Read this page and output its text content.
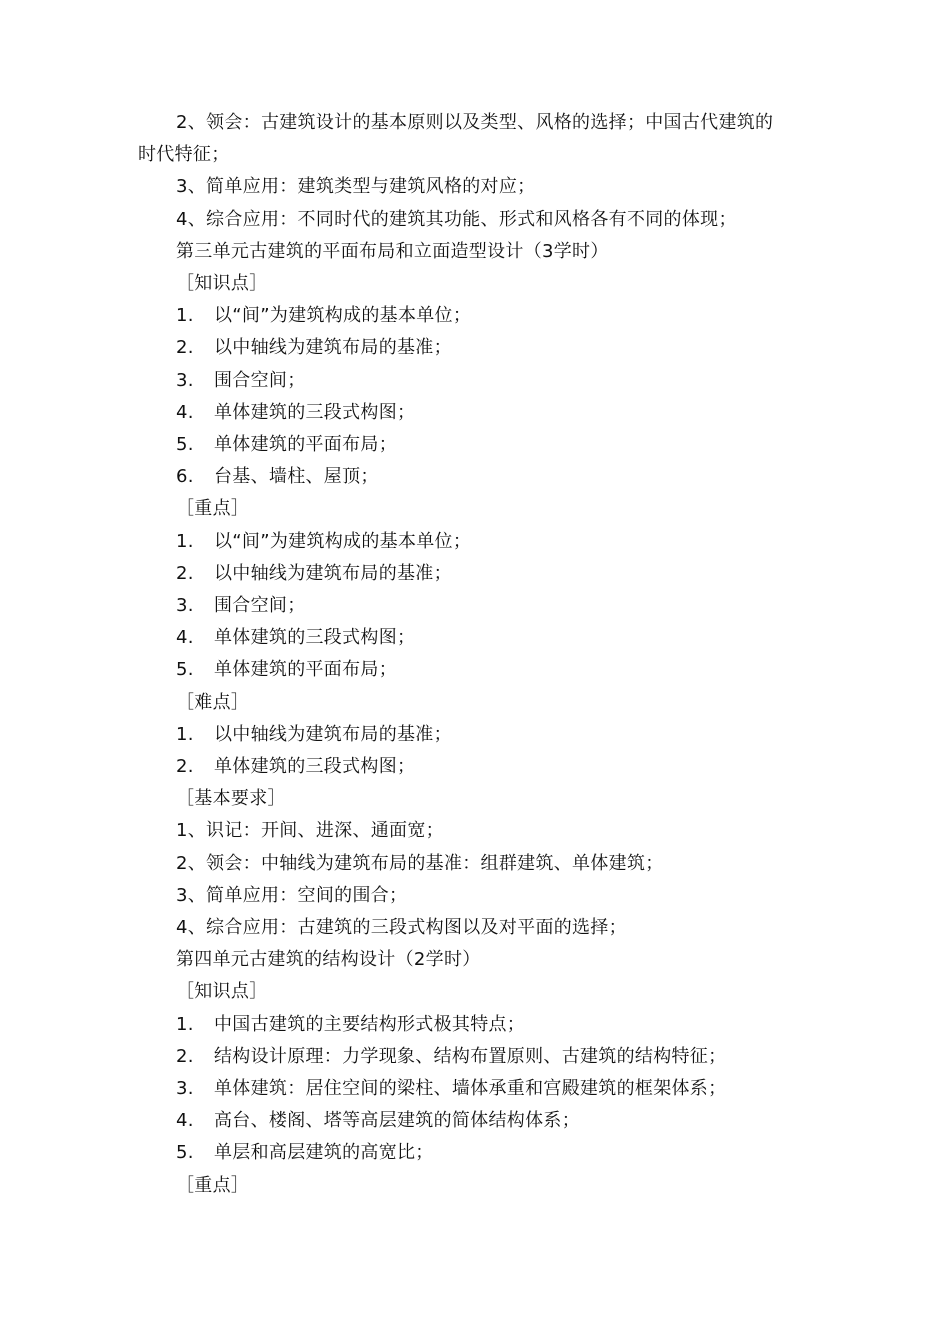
2、领会：古建筑设计的基本原则以及类型、风格的选择；中国古代建筑的
时代特征；
3、简单应用：建筑类型与建筑风格的对应；
4、综合应用：不同时代的建筑其功能、形式和风格各有不同的体现；
第三单元古建筑的平面布局和立面造型设计（3学时）
［知识点］
1. 以“间”为建筑构成的基本单位；
2. 以中轴线为建筑布局的基准；
3. 围合空间；
4. 单体建筑的三段式构图；
5. 单体建筑的平面布局；
6. 台基、墙柱、屋顶；
［重点］
1. 以“间”为建筑构成的基本单位；
2. 以中轴线为建筑布局的基准；
3. 围合空间；
4. 单体建筑的三段式构图；
5. 单体建筑的平面布局；
［难点］
1. 以中轴线为建筑布局的基准；
2. 单体建筑的三段式构图；
［基本要求］
1、识记：开间、进深、通面宽；
2、领会：中轴线为建筑布局的基准：组群建筑、单体建筑；
3、简单应用：空间的围合；
4、综合应用：古建筑的三段式构图以及对平面的选择；
第四单元古建筑的结构设计（2学时）
［知识点］
1. 中国古建筑的主要结构形式极其特点；
2. 结构设计原理：力学现象、结构布置原则、古建筑的结构特征；
3. 单体建筑：居住空间的梁柱、墙体承重和宫殿建筑的框架体系；
4. 高台、楼阁、塔等高层建筑的简体结构体系；
5. 单层和高层建筑的高宽比；
［重点］
